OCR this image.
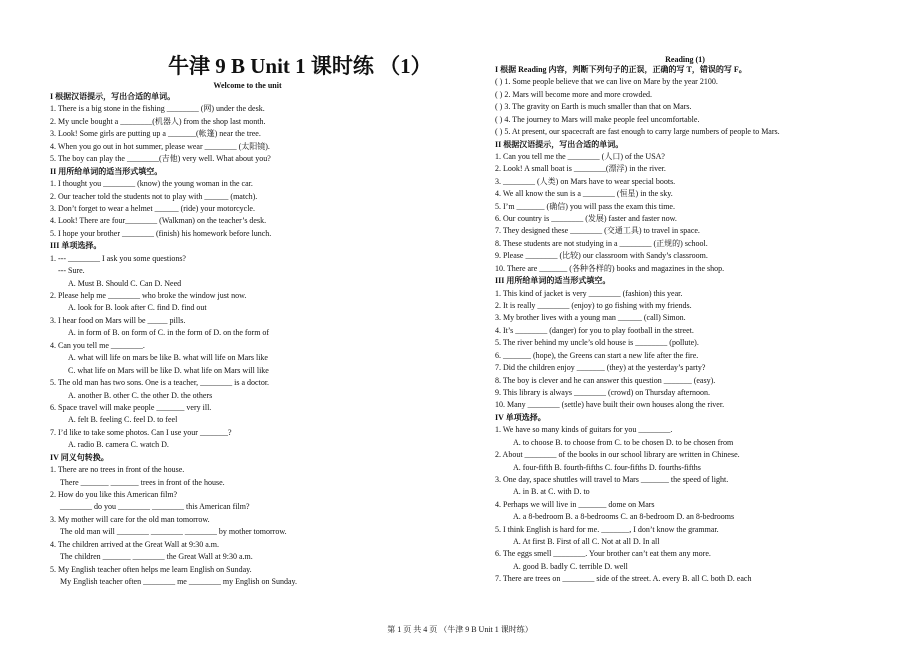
牛津 9 B Unit 1 课时练 （1）
Welcome to the unit
I 根据汉语提示，写出合适的单词。
1. There is a big stone in the fishing ________ (网) under the desk.
2. My uncle bought a ________(机器人) from the shop last month.
3. Look! Some girls are putting up a _______(帐篷) near the tree.
4. When you go out in hot summer, please wear ________ (太阳镜).
5. The boy can play the ________(吉他) very well. What about you?
II 用所给单词的适当形式填空。
1. I thought you ________ (know) the young woman in the car.
2. Our teacher told the students not to play with ______ (match).
3. Don’t forget to wear a helmet ______ (ride) your motorcycle.
4. Look! There are four________ (Walkman) on the teacher’s desk.
5. I hope your brother ________ (finish) his homework before lunch.
III 单项选择。
1. --- ________ I ask you some questions?
--- Sure.
A. Must B. Should C. Can D. Need
2. Please help me ________ who broke the window just now.
A. look for B. look after C. find D. find out
3. I hear food on Mars will be _____ pills.
A. in form of B. on form of C. in the form of D. on the form of
4. Can you tell me ________.
A. what will life on mars be like B. what will life on Mars like
C. what life on Mars will be like D. what life on Mars will like
5. The old man has two sons. One is a teacher, ________ is a doctor.
A. another B. other C. the other D. the others
6. Space travel will make people _______ very ill.
A. felt B. feeling C. feel D. to feel
7. I’d like to take some photos. Can I use your _______?
A. radio B. camera C. watch D.
IV 同义句转换。
1. There are no trees in front of the house.
There _______ _______ trees in front of the house.
2. How do you like this American film?
________ do you ________ ________ this American film?
3. My mother will care for the old man tomorrow.
The old man will ________ ________ ________ by mother tomorrow.
4. The children arrived at the Great Wall at 9:30 a.m.
The children _______ ________ the Great Wall at 9:30 a.m.
5. My English teacher often helps me learn English on Sunday.
My English teacher often ________ me ________ my English on Sunday.
Reading (1)
I 根据 Reading 内容，判断下列句子的正误，正确的写 T，错误的写 F。
( ) 1. Some people believe that we can live on Mare by the year 2100.
( ) 2. Mars will become more and more crowded.
( ) 3. The gravity on Earth is much smaller than that on Mars.
( ) 4. The journey to Mars will make people feel uncomfortable.
( ) 5. At present, our spacecraft are fast enough to carry large numbers of people to Mars.
II 根据汉语提示，写出合适的单词。
1. Can you tell me the ________ (人口) of the USA?
2. Look! A small boat is ________(漂浮) in the river.
3. ________ (人类) on Mars have to wear special boots.
4. We all know the sun is a ________ (恒星) in the sky.
5. I’m _______ (确信) you will pass the exam this time.
6. Our country is ________ (发展) faster and faster now.
7. They designed these ________ (交通工具) to travel in space.
8. These students are not studying in a ________ (正规的) school.
9. Please ________ (比较) our classroom with Sandy’s classroom.
10. There are _______ (各种各样的) books and magazines in the shop.
III 用所给单词的适当形式填空。
1. This kind of jacket is very ________ (fashion) this year.
2. It is really ________ (enjoy) to go fishing with my friends.
3. My brother lives with a young man ______ (call) Simon.
4. It’s ________ (danger) for you to play football in the street.
5. The river behind my uncle’s old house is ________ (pollute).
6. _______ (hope), the Greens can start a new life after the fire.
7. Did the children enjoy _______ (they) at the yesterday’s party?
8. The boy is clever and he can answer this question _______ (easy).
9. This library is always ________ (crowd) on Thursday afternoon.
10. Many ________ (settle) have built their own houses along the river.
IV 单项选择。
1. We have so many kinds of guitars for you ________.
A. to choose B. to choose from C. to be chosen D. to be chosen from
2. About ________ of the books in our school library are written in Chinese.
A. four-fifth B. fourth-fifths C. four-fifths D. fourths-fifths
3. One day, space shuttles will travel to Mars _______ the speed of light.
A. in B. at C. with D. to
4. Perhaps we will live in _______ dome on Mars
A. a 8-bedroom B. a 8-bedrooms C. an 8-bedroom D. an 8-bedrooms
5. I think English is hard for me. _______, I don’t know the grammar.
A. At first B. First of all C. Not at all D. In all
6. The eggs smell ________. Your brother can’t eat them any more.
A. good B. badly C. terrible D. well
7. There are trees on ________ side of the street. A. every B. all C. both D. each
第 1 页 共 4 页 （牛津 9 B Unit 1 课时练）
